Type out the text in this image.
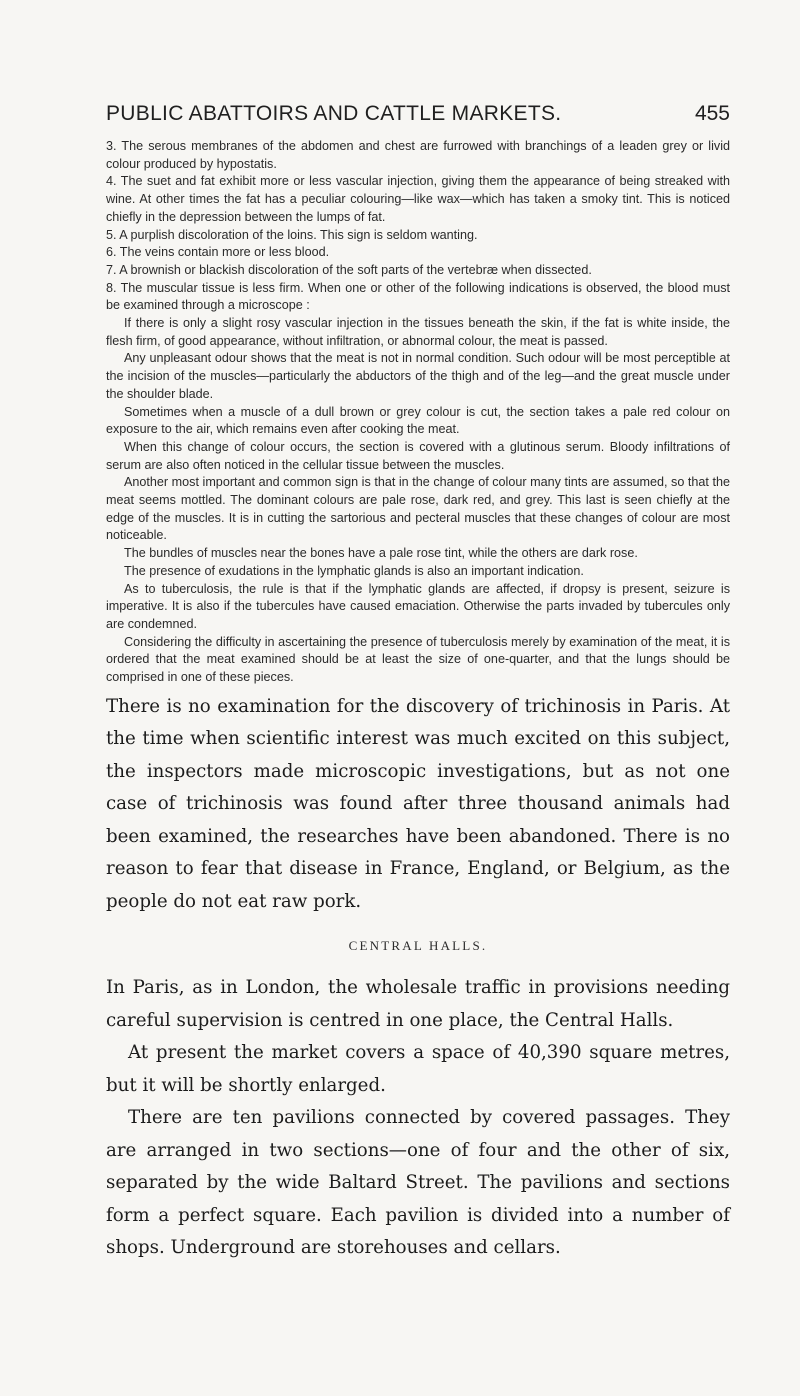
PUBLIC ABATTOIRS AND CATTLE MARKETS.	455

3. The serous membranes of the abdomen and chest are furrowed with branchings of a leaden grey or livid colour produced by hypostatis.

4. The suet and fat exhibit more or less vascular injection, giving them the appearance of being streaked with wine. At other times the fat has a peculiar colouring—like wax—which has taken a smoky tint. This is noticed chiefly in the depression between the lumps of fat.

5. A purplish discoloration of the loins. This sign is seldom wanting.

6. The veins contain more or less blood.

7. A brownish or blackish discoloration of the soft parts of the vertebræ when dissected.

8. The muscular tissue is less firm. When one or other of the following indications is observed, the blood must be examined through a microscope :

If there is only a slight rosy vascular injection in the tissues beneath the skin, if the fat is white inside, the flesh firm, of good appearance, without infiltration, or abnormal colour, the meat is passed.

Any unpleasant odour shows that the meat is not in normal condition. Such odour will be most perceptible at the incision of the muscles—particularly the abductors of the thigh and of the leg—and the great muscle under the shoulder blade.

Sometimes when a muscle of a dull brown or grey colour is cut, the section takes a pale red colour on exposure to the air, which remains even after cooking the meat.

When this change of colour occurs, the section is covered with a glutinous serum. Bloody infiltrations of serum are also often noticed in the cellular tissue between the muscles.

Another most important and common sign is that in the change of colour many tints are assumed, so that the meat seems mottled. The dominant colours are pale rose, dark red, and grey. This last is seen chiefly at the edge of the muscles. It is in cutting the sartorious and pecteral muscles that these changes of colour are most noticeable.

The bundles of muscles near the bones have a pale rose tint, while the others are dark rose.

The presence of exudations in the lymphatic glands is also an important indication.

As to tuberculosis, the rule is that if the lymphatic glands are affected, if dropsy is present, seizure is imperative. It is also if the tubercules have caused emaciation. Otherwise the parts invaded by tubercules only are condemned.

Considering the difficulty in ascertaining the presence of tuberculosis merely by examination of the meat, it is ordered that the meat examined should be at least the size of one-quarter, and that the lungs should be comprised in one of these pieces.

There is no examination for the discovery of trichinosis in Paris. At the time when scientific interest was much excited on this subject, the inspectors made microscopic investigations, but as not one case of trichinosis was found after three thousand animals had been examined, the researches have been abandoned. There is no reason to fear that disease in France, England, or Belgium, as the people do not eat raw pork.

CENTRAL HALLS.

In Paris, as in London, the wholesale traffic in provisions needing careful supervision is centred in one place, the Central Halls.

At present the market covers a space of 40,390 square metres, but it will be shortly enlarged.

There are ten pavilions connected by covered passages. They are arranged in two sections—one of four and the other of six, separated by the wide Baltard Street. The pavilions and sections form a perfect square. Each pavilion is divided into a number of shops. Underground are storehouses and cellars.
